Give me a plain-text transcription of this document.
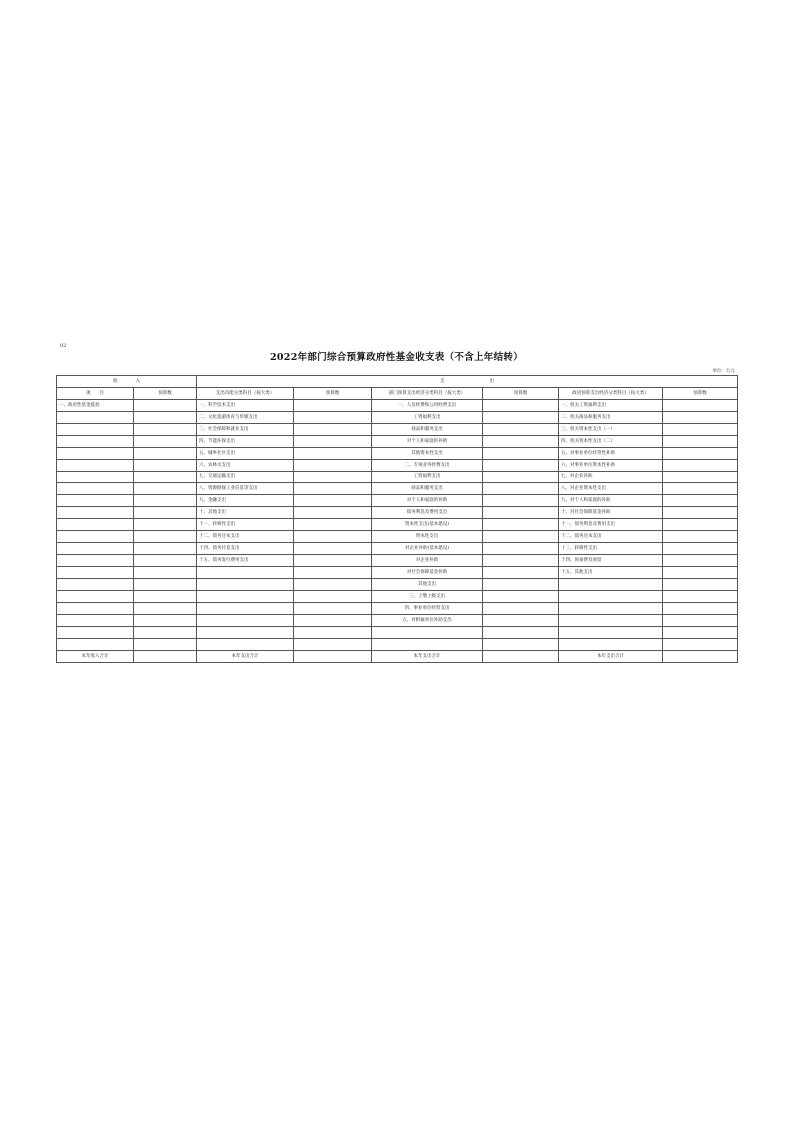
02
2022年部门综合预算政府性基金收支表（不含上年结转）
单位：万元
收　　　　入		支　　　　　　　　　　出					
项　　目	预算数	支出功能分类科目（按大类）	预算数	部门预算支出经济分类科目（按大类）	预算数	政府预算支出经济分类科目（按大类）	预算数
一、政府性基金拨款		一、科学技术支出		一、人员经费和公用经费支出		一、机关工资福利支出	
		二、文化旅游体育与传媒支出		工资福利支出		二、机关商品和服务支出	
		三、社会保障和就业支出		商品和服务支出		三、机关资本性支出（一）	
		四、节能环保支出		对个人和家庭的补助		四、机关资本性支出（二）	
		五、城乡社区支出		其他资本性支出		五、对事业单位经常性补助	
		六、农林水支出		二、专项业务经费支出		六、对事业单位资本性补助	
		七、交通运输支出		工资福利支出		七、对企业补助	
		八、资源勘探工业信息等支出		商品和服务支出		八、对企业资本性支出	
		九、金融支出		对个人和家庭的补助		九、对个人和家庭的补助	
		十、其他支出		债务利息及费用支出		十、对社会保障基金补助	
		十一、转移性支出		资本性支出(基本建设)		十一、债务利息及费用支出	
		十二、债务还本支出		资本性支出		十二、债务还本支出	
		十四、债务付息支出		对企业补助(基本建设)		十三、转移性支出	
		十五、债务发行费用支出		对企业补助		十四、预备费及预留	
				对社会保障基金补助		十五、其他支出	
				其他支出			
				三、上缴上级支出			
				四、事业单位经营支出			
				五、对附属单位补助支出			

本年收入合计		本年支出合计		本年支出合计		本年支出合计	
